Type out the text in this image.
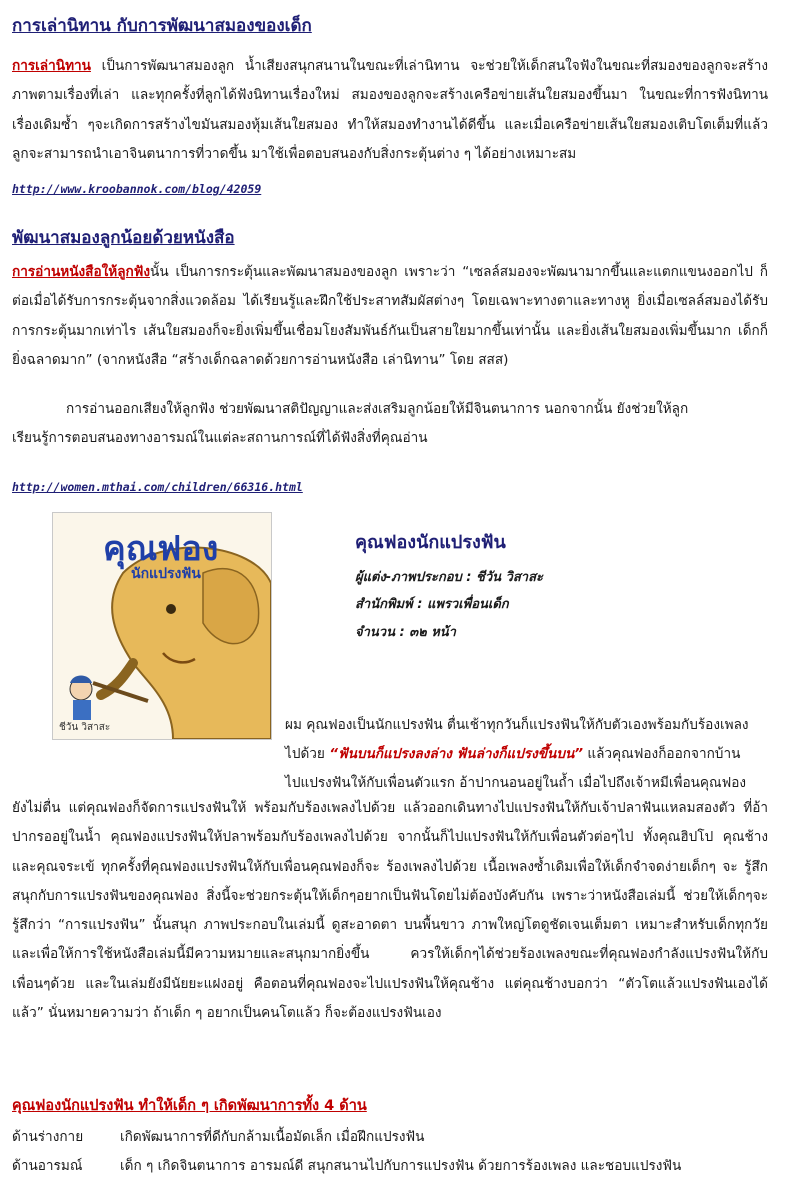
การเล่านิทาน กับการพัฒนาสมองของเด็ก

การเล่านิทาน เป็นการพัฒนาสมองลูก น้ำเสียงสนุกสนานในขณะที่เล่านิทาน จะช่วยให้เด็กสนใจฟังในขณะที่สมองของลูกจะสร้างภาพตามเรื่องที่เล่า และทุกครั้งที่ลูกได้ฟังนิทานเรื่องใหม่ สมองของลูกจะสร้างเครือข่ายเส้นใยสมองขึ้นมา ในขณะที่การฟังนิทาน เรื่องเดิมซ้ำ ๆจะเกิดการสร้างไขมันสมองหุ้มเส้นใยสมอง ทำให้สมองทำงานได้ดีขึ้น และเมื่อเครือข่ายเส้นใยสมองเติบโตเต็มที่แล้ว ลูกจะสามารถนำเอาจินตนาการที่วาดขึ้น มาใช้เพื่อตอบสนองกับสิ่งกระตุ้นต่าง ๆ ได้อย่างเหมาะสม

http://www.kroobannok.com/blog/42059
พัฒนาสมองลูกน้อยด้วยหนังสือ

การอ่านหนังสือให้ลูกฟังนั้น เป็นการกระตุ้นและพัฒนาสมองของลูก เพราะว่า “เซลล์สมองจะพัฒนามากขึ้นและแตกแขนงออกไป ก็ต่อเมื่อได้รับการกระตุ้นจากสิ่งแวดล้อม ได้เรียนรู้และฝึกใช้ประสาทสัมผัสต่างๆ โดยเฉพาะทางตาและทางหู ยิ่งเมื่อเซลล์สมองได้รับการกระตุ้นมากเท่าไร เส้นใยสมองก็จะยิ่งเพิ่มขึ้นเชื่อมโยงสัมพันธ์กันเป็นสายใยมากขึ้นเท่านั้น และยิ่งเส้นใยสมองเพิ่มขึ้นมาก เด็กก็ยิ่งฉลาดมาก” (จากหนังสือ “สร้างเด็กฉลาดด้วยการอ่านหนังสือ เล่านิทาน” โดย สสส)

การอ่านออกเสียงให้ลูกฟัง ช่วยพัฒนาสติปัญญาและส่งเสริมลูกน้อยให้มีจินตนาการ นอกจากนั้น ยังช่วยให้ลูก
เรียนรู้การตอบสนองทางอารมณ์ในแต่ละสถานการณ์ที่ได้ฟังสิ่งที่คุณอ่าน
http://women.mthai.com/children/66316.html
คุณฟอง
นักแปรงฟัน
ชีวัน วิสาสะ
คุณฟองนักแปรงฟัน
ผู้แต่ง-ภาพประกอบ : ชีวัน วิสาสะ
สำนักพิมพ์ : แพรวเพื่อนเด็ก
จำนวน : ๓๒ หน้า
ผม คุณฟองเป็นนักแปรงฟัน ตื่นเช้าทุกวันก็แปรงฟันให้กับตัวเองพร้อมกับร้องเพลง
ไปด้วย “ฟันบนก็แปรงลงล่าง ฟันล่างก็แปรงขึ้นบน” แล้วคุณฟองก็ออกจากบ้าน
ไปแปรงฟันให้กับเพื่อนตัวแรก อ้าปากนอนอยู่ในถ้ำ เมื่อไปถึงเจ้าหมีเพื่อนคุณฟอง

ยังไม่ตื่น แต่คุณฟองก็จัดการแปรงฟันให้ พร้อมกับร้องเพลงไปด้วย แล้วออกเดินทางไปแปรงฟันให้กับเจ้าปลาฟันแหลมสองตัว ที่อ้าปากรออยู่ในน้ำ คุณฟองแปรงฟันให้ปลาพร้อมกับร้องเพลงไปด้วย จากนั้นก็ไปแปรงฟันให้กับเพื่อนตัวต่อๆไป ทั้งคุณฮิปโป คุณช้าง และคุณจระเข้ ทุกครั้งที่คุณฟองแปรงฟันให้กับเพื่อนคุณฟองก็จะ ร้องเพลงไปด้วย เนื้อเพลงซ้ำเดิมเพื่อให้เด็กจำจดง่ายเด็กๆ จะ รู้สึกสนุกกับการแปรงฟันของคุณฟอง สิ่งนี้จะช่วยกระตุ้นให้เด็กๆอยากเป็นฟันโดยไม่ต้องบังคับกัน เพราะว่าหนังสือเล่มนี้ ช่วยให้เด็กๆจะรู้สึกว่า “การแปรงฟัน” นั้นสนุก ภาพประกอบในเล่มนี้ ดูสะอาดตา บนพื้นขาว ภาพใหญ่โตดูชัดเจนเต็มตา เหมาะสำหรับเด็กทุกวัย และเพื่อให้การใช้หนังสือเล่มนี้มีความหมายและสนุกมากยิ่งขึ้น ควรให้เด็กๆได้ช่วยร้องเพลงขณะที่คุณฟองกำลังแปรงฟันให้กับเพื่อนๆด้วย และในเล่มยังมีนัยยะแฝงอยู่ คือตอนที่คุณฟองจะไปแปรงฟันให้คุณช้าง แต่คุณช้างบอกว่า “ตัวโตแล้วแปรงฟันเองได้แล้ว” นั่นหมายความว่า ถ้าเด็ก ๆ อยากเป็นคนโตแล้ว ก็จะต้องแปรงฟันเอง

คุณฟองนักแปรงฟัน ทำให้เด็ก ๆ เกิดพัฒนาการทั้ง 4 ด้าน
ด้านร่างกาย	เกิดพัฒนาการที่ดีกับกล้ามเนื้อมัดเล็ก เมื่อฝึกแปรงฟัน
ด้านอารมณ์	เด็ก ๆ เกิดจินตนาการ อารมณ์ดี สนุกสนานไปกับการแปรงฟัน ด้วยการร้องเพลง และชอบแปรงฟัน
